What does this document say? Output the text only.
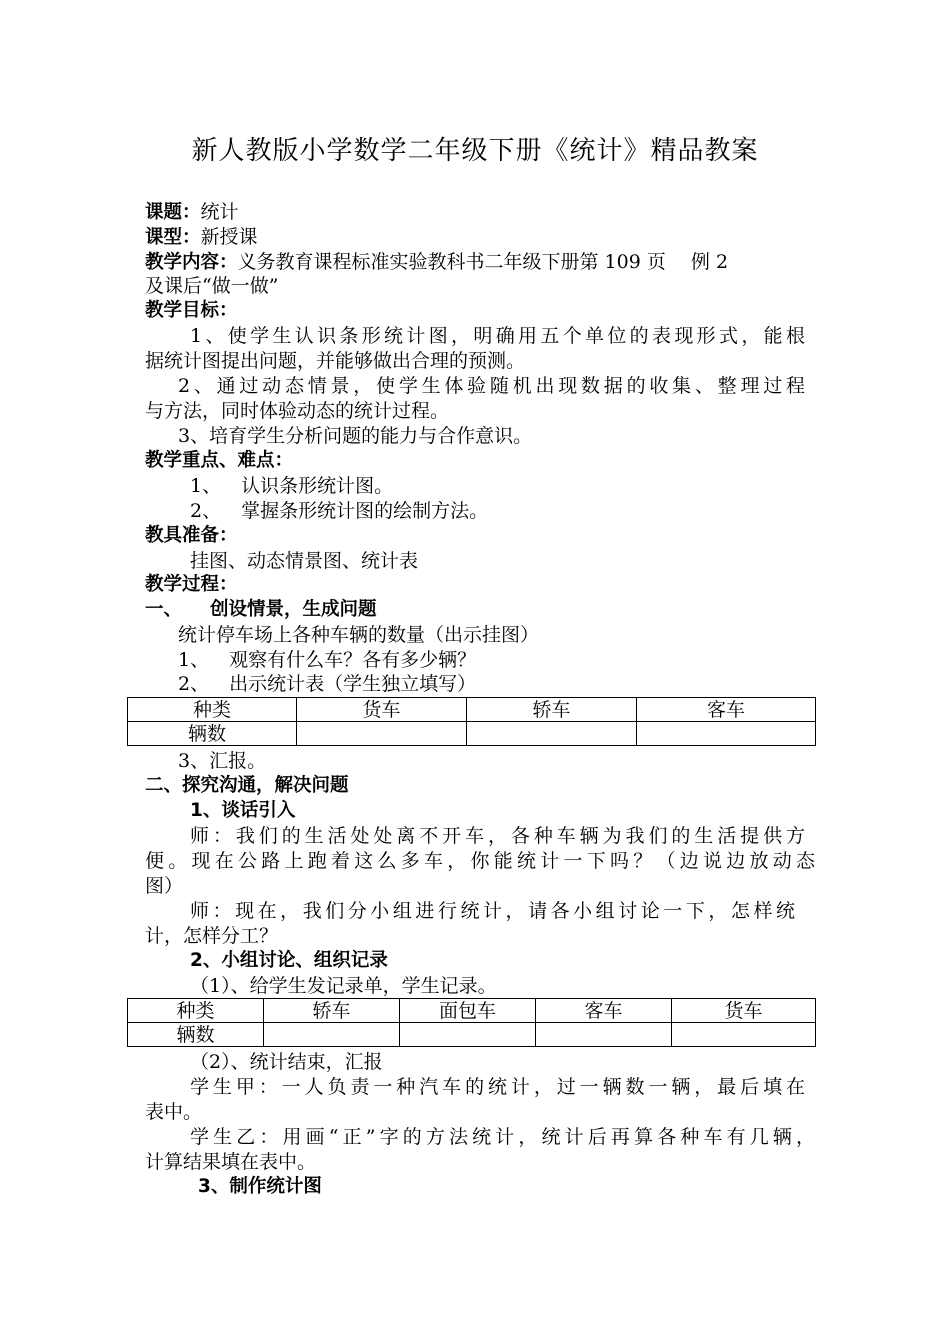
新人教版小学数学二年级下册《统计》精品教案
课题：统计
课型：新授课
教学内容：义务教育课程标准实验教科书二年级下册第 109 页　 例 2
及课后“做一做”
教学目标：
1、使学生认识条形统计图，明确用五个单位的表现形式，能根
据统计图提出问题，并能够做出合理的预测。
2、通过动态情景，使学生体验随机出现数据的收集、整理过程
与方法，同时体验动态的统计过程。
3、培育学生分析问题的能力与合作意识。
教学重点、难点：
1、 认识条形统计图。
2、 掌握条形统计图的绘制方法。
教具准备：
挂图、动态情景图、统计表
教学过程：
一、 创设情景，生成问题
统计停车场上各种车辆的数量（出示挂图）
1、 观察有什么车？各有多少辆？
2、 出示统计表（学生独立填写）
种类	货车	轿车	客车
辆数			
3、汇报。
二、探究沟通，解决问题
1、谈话引入
师：我们的生活处处离不开车，各种车辆为我们的生活提供方
便。现在公路上跑着这么多车，你能统计一下吗？（边说边放动态
图）
师：现在，我们分小组进行统计，请各小组讨论一下，怎样统
计，怎样分工？
2、小组讨论、组织记录
（1）、给学生发记录单，学生记录。
种类	轿车	面包车	客车	货车
辆数				
（2）、统计结束，汇报
学生甲：一人负责一种汽车的统计，过一辆数一辆，最后填在
表中。
学生乙：用画“正”字的方法统计，统计后再算各种车有几辆，
计算结果填在表中。
3、制作统计图
